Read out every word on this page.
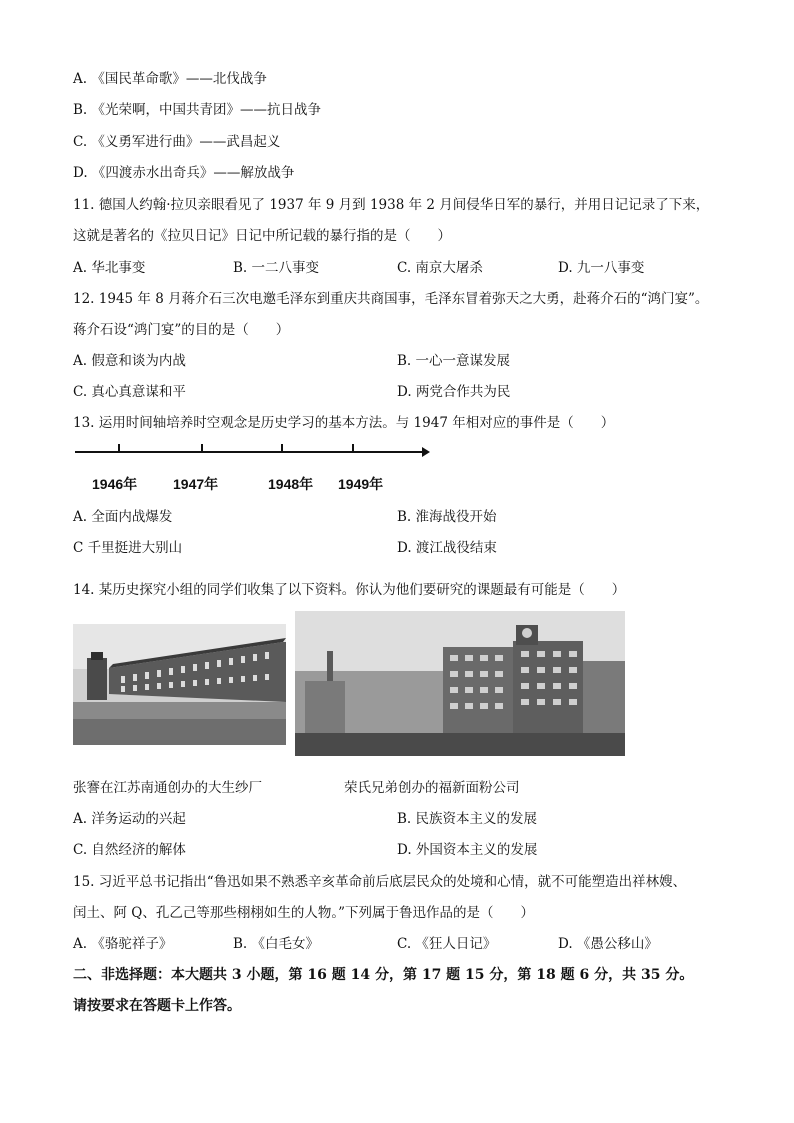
A. 《国民革命歌》——北伐战争
B. 《光荣啊，中国共青团》——抗日战争
C. 《义勇军进行曲》——武昌起义
D. 《四渡赤水出奇兵》——解放战争
11. 德国人约翰·拉贝亲眼看见了 1937 年 9 月到 1938 年 2 月间侵华日军的暴行，并用日记记录了下来，
这就是著名的《拉贝日记》日记中所记载的暴行指的是（　　）
A. 华北事变	B. 一二八事变	C. 南京大屠杀	D. 九一八事变
12. 1945 年 8 月蒋介石三次电邀毛泽东到重庆共商国事，毛泽东冒着弥天之大勇，赴蒋介石的“鸿门宴”。
蒋介石设“鸿门宴”的目的是（　　）
A. 假意和谈为内战	B. 一心一意谋发展
C. 真心真意谋和平	D. 两党合作共为民
13. 运用时间轴培养时空观念是历史学习的基本方法。与 1947 年相对应的事件是（　　）
1946年	1947年	1948年 1949年
A. 全面内战爆发	B. 淮海战役开始
C 千里挺进大别山	D. 渡江战役结束
14. 某历史探究小组的同学们收集了以下资料。你认为他们要研究的课题最有可能是（　　）
张謇在江苏南通创办的大生纱厂	荣氏兄弟创办的福新面粉公司
A. 洋务运动的兴起	B. 民族资本主义的发展
C. 自然经济的解体	D. 外国资本主义的发展
15. 习近平总书记指出“鲁迅如果不熟悉辛亥革命前后底层民众的处境和心情，就不可能塑造出祥林嫂、
闰土、阿 Q、孔乙己等那些栩栩如生的人物。”下列属于鲁迅作品的是（　　）
A. 《骆驼祥子》	B. 《白毛女》	C. 《狂人日记》	D. 《愚公移山》
二、非选择题：本大题共 3 小题，第 16 题 14 分，第 17 题 15 分，第 18 题 6 分，共 35 分。
请按要求在答题卡上作答。
